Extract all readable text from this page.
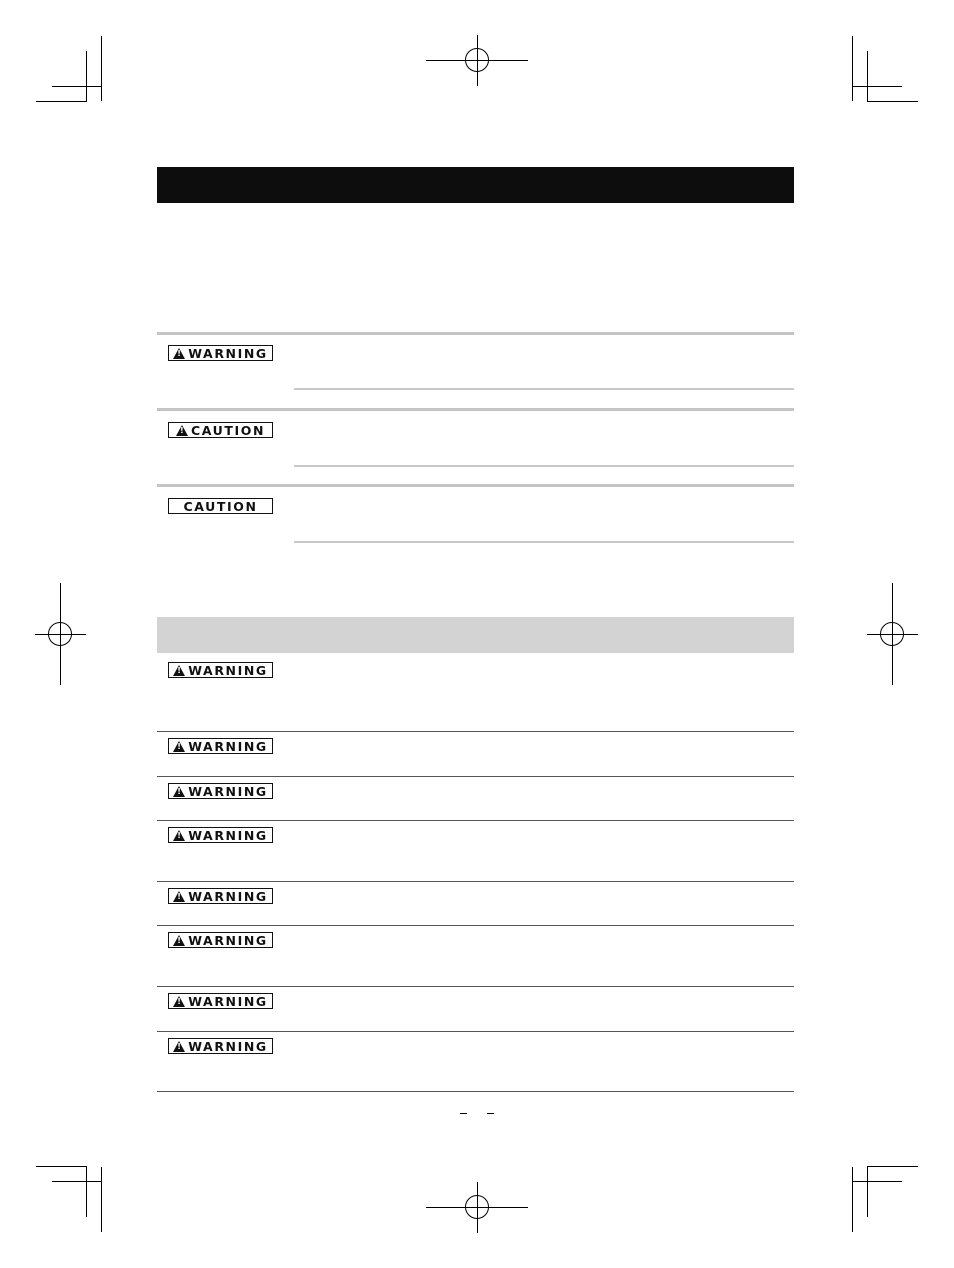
!
WARNING
!
CAUTION
CAUTION
!
WARNING
!
WARNING
!
WARNING
!
WARNING
!
WARNING
!
WARNING
!
WARNING
!
WARNING
